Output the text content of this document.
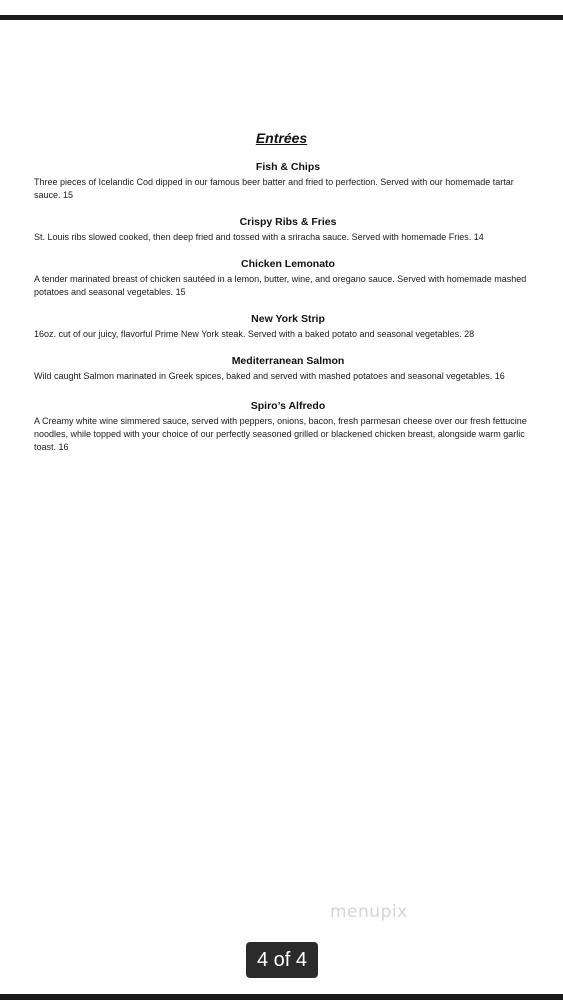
Entrées
Fish & Chips
Three pieces of Icelandic Cod dipped in our famous beer batter and fried to perfection. Served with our homemade tartar sauce. 15
Crispy Ribs & Fries
St. Louis ribs slowed cooked, then deep fried and tossed with a sriracha sauce. Served with homemade Fries. 14
Chicken Lemonato
A tender marinated breast of chicken sautéed in a lemon, butter, wine, and oregano sauce. Served with homemade mashed potatoes and seasonal vegetables. 15
New York Strip
16oz. cut of our juicy, flavorful Prime New York steak. Served with a baked potato and seasonal vegetables. 28
Mediterranean Salmon
Wild caught Salmon marinated in Greek spices, baked and served with mashed potatoes and seasonal vegetables. 16
Spiro’s Alfredo
A Creamy white wine simmered sauce, served with peppers, onions, bacon, fresh parmesan cheese over our fresh fettucine noodles, while topped with your choice of our perfectly seasoned grilled or blackened chicken breast, alongside warm garlic toast. 16
menupix
4 of 4
